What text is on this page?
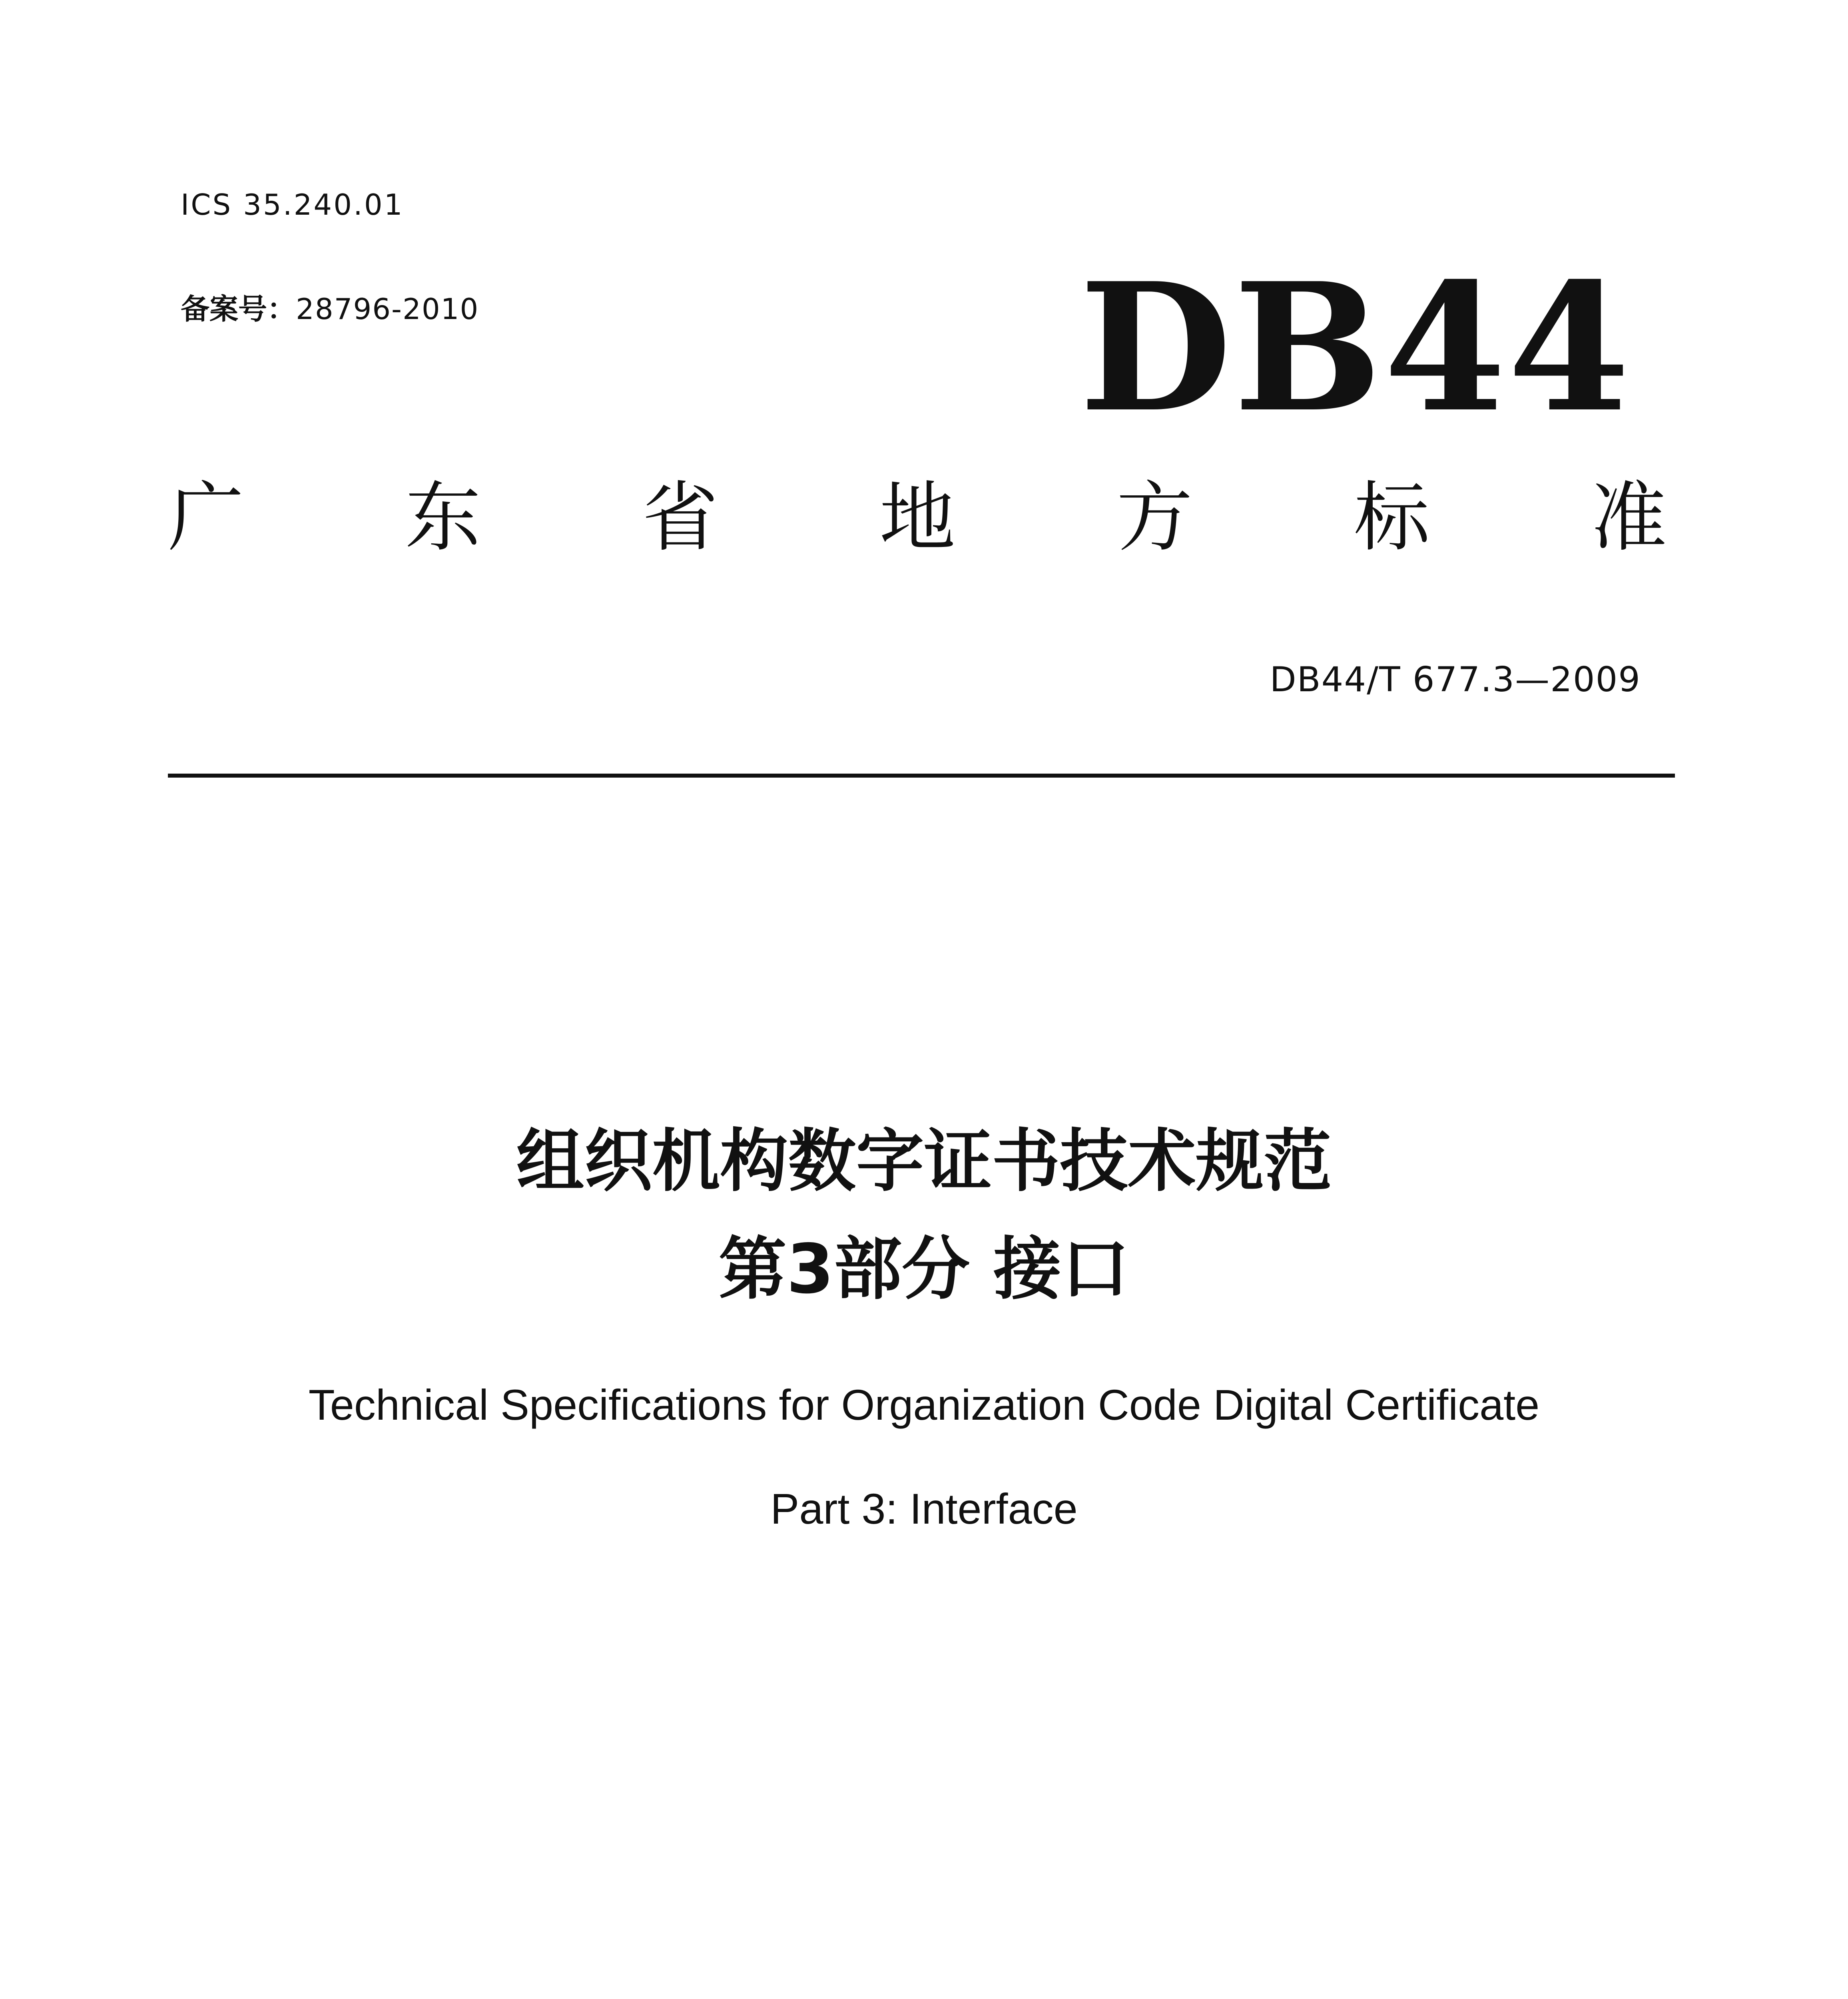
ICS 35.240.01

备案号：28796-2010	DB44
广 东 省 地 方 标 准

DB44/T 677.3—2009

组织机构数字证书技术规范
第3部分 接口

Technical Specifications for Organization Code Digital Certificate

Part 3: Interface
